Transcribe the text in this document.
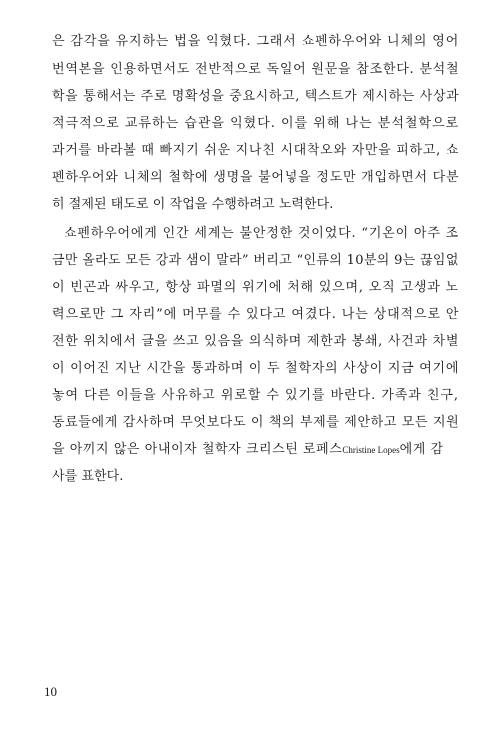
은 감각을 유지하는 법을 익혔다. 그래서 쇼펜하우어와 니체의 영어
번역본을 인용하면서도 전반적으로 독일어 원문을 참조한다. 분석철
학을 통해서는 주로 명확성을 중요시하고, 텍스트가 제시하는 사상과
적극적으로 교류하는 습관을 익혔다. 이를 위해 나는 분석철학으로
과거를 바라볼 때 빠지기 쉬운 지나친 시대착오와 자만을 피하고, 쇼
펜하우어와 니체의 철학에 생명을 불어넣을 정도만 개입하면서 다분
히 절제된 태도로 이 작업을 수행하려고 노력한다.
쇼펜하우어에게 인간 세계는 불안정한 것이었다. “기온이 아주 조
금만 올라도 모든 강과 샘이 말라” 버리고 “인류의 10분의 9는 끊임없
이 빈곤과 싸우고, 항상 파멸의 위기에 처해 있으며, 오직 고생과 노
력으로만 그 자리”에 머무를 수 있다고 여겼다. 나는 상대적으로 안
전한 위치에서 글을 쓰고 있음을 의식하며 제한과 봉쇄, 사건과 차별
이 이어진 지난 시간을 통과하며 이 두 철학자의 사상이 지금 여기에
놓여 다른 이들을 사유하고 위로할 수 있기를 바란다. 가족과 친구,
동료들에게 감사하며 무엇보다도 이 책의 부제를 제안하고 모든 지원
을 아끼지 않은 아내이자 철학자 크리스틴 로페스Christine Lopes에게 감
사를 표한다.
10
